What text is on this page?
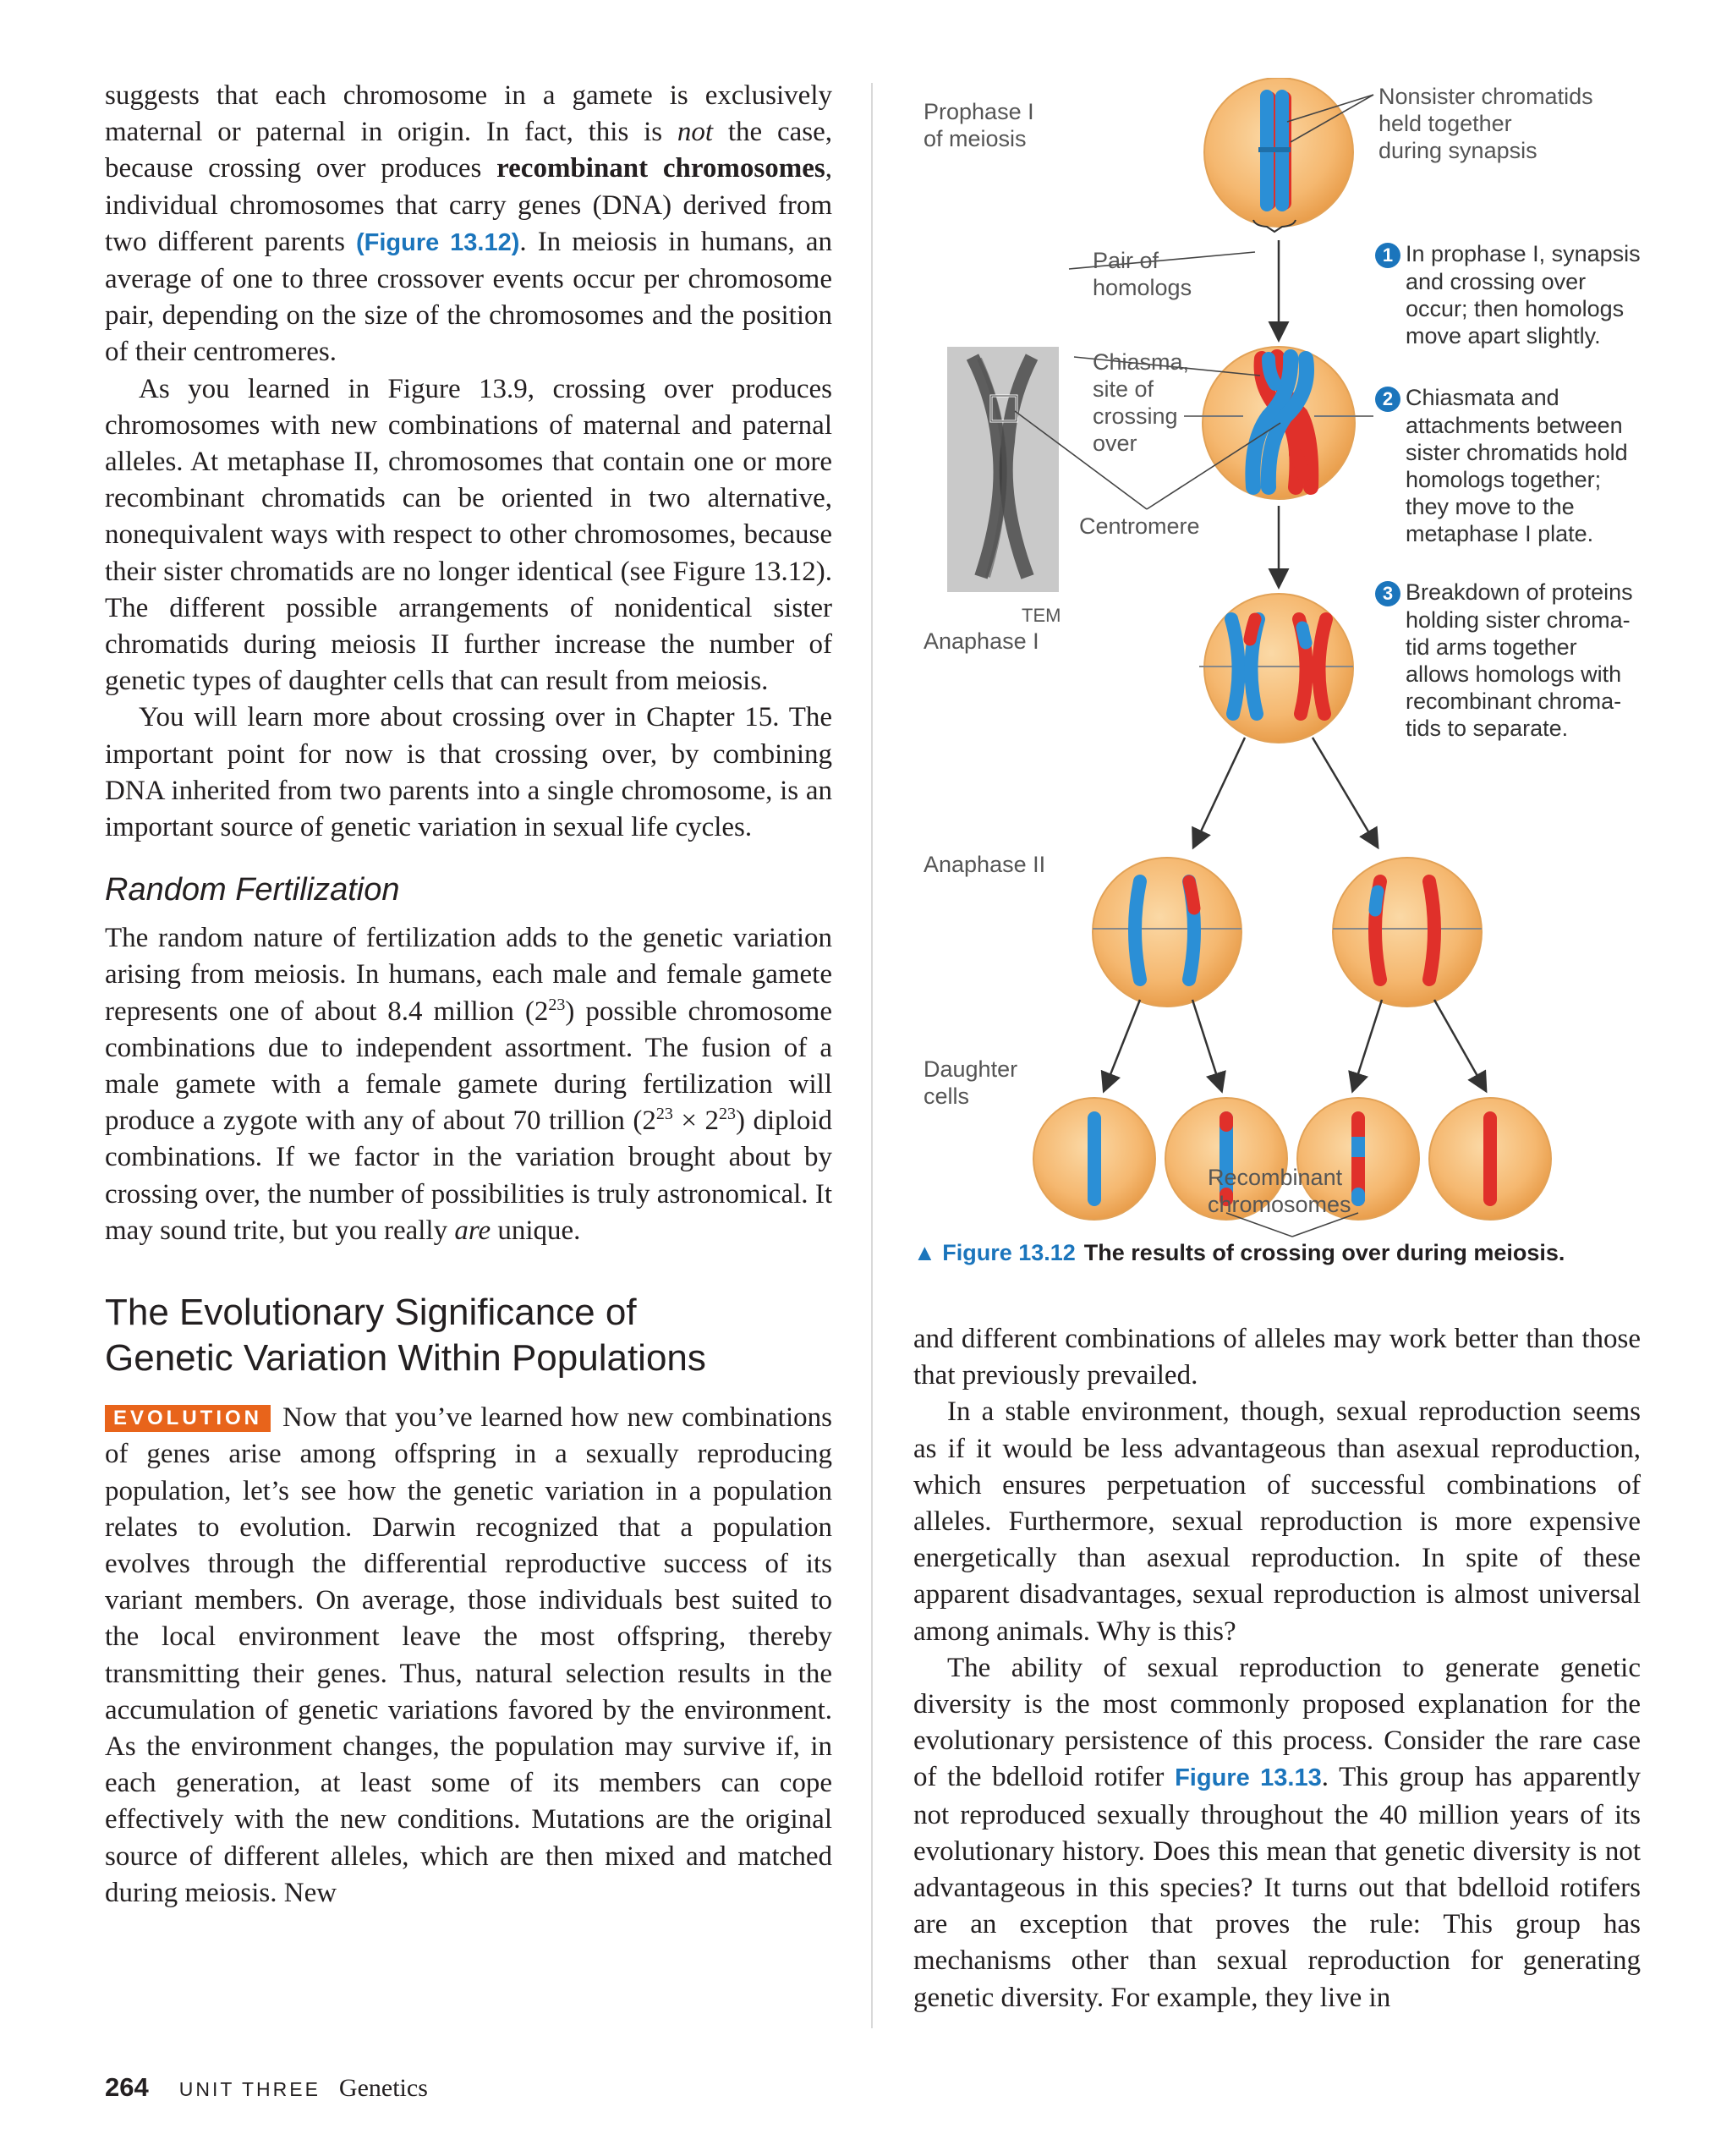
suggests that each chromosome in a gamete is exclusively maternal or paternal in origin. In fact, this is not the case, because crossing over produces recombinant chromosomes, individual chromosomes that carry genes (DNA) derived from two different parents (Figure 13.12). In meiosis in humans, an average of one to three crossover events occur per chromosome pair, depending on the size of the chromosomes and the position of their centromeres.

As you learned in Figure 13.9, crossing over produces chromosomes with new combinations of maternal and paternal alleles. At metaphase II, chromosomes that contain one or more recombinant chromatids can be oriented in two alternative, nonequivalent ways with respect to other chromosomes, because their sister chromatids are no longer identical (see Figure 13.12). The different possible arrangements of nonidentical sister chromatids during meiosis II further increase the number of genetic types of daughter cells that can result from meiosis.

You will learn more about crossing over in Chapter 15. The important point for now is that crossing over, by combining DNA inherited from two parents into a single chromosome, is an important source of genetic variation in sexual life cycles.

Random Fertilization

The random nature of fertilization adds to the genetic variation arising from meiosis. In humans, each male and female gamete represents one of about 8.4 million $(2^{23})$ possible chromosome combinations due to independent assortment. The fusion of a male gamete with a female gamete during fertilization will produce a zygote with any of about 70 trillion $(2^{23} \times 2^{23})$ diploid combinations. If we factor in the variation brought about by crossing over, the number of possibilities is truly astronomical. It may sound trite, but you really are unique.

The Evolutionary Significance of
Genetic Variation Within Populations

EVOLUTION Now that you’ve learned how new combinations of genes arise among offspring in a sexually reproducing population, let’s see how the genetic variation in a population relates to evolution. Darwin recognized that a population evolves through the differential reproductive success of its variant members. On average, those individuals best suited to the local environment leave the most offspring, thereby transmitting their genes. Thus, natural selection results in the accumulation of genetic variations favored by the environment. As the environment changes, the population may survive if, in each generation, at least some of its members can cope effectively with the new conditions. Mutations are the original source of different alleles, which are then mixed and matched during meiosis. New

Prophase I
of meiosis
Nonsister chromatids
held together
during synapsis
Pair of
homologs
Chiasma,
site of
crossing
over
Centromere
TEM
Anaphase I
Anaphase II
Daughter
cells
Recombinant
chromosomes
1 In prophase I, synapsis
and crossing over
occur; then homologs
move apart slightly.
2 Chiasmata and
attachments between
sister chromatids hold
homologs together;
they move to the
metaphase I plate.
3 Breakdown of proteins
holding sister chroma-
tid arms together
allows homologs with
recombinant chroma-
tids to separate.
▲ Figure 13.12 The results of crossing over during meiosis.

and different combinations of alleles may work better than those that previously prevailed.

In a stable environment, though, sexual reproduction seems as if it would be less advantageous than asexual reproduction, which ensures perpetuation of successful combinations of alleles. Furthermore, sexual reproduction is more expensive energetically than asexual reproduction. In spite of these apparent disadvantages, sexual reproduction is almost universal among animals. Why is this?

The ability of sexual reproduction to generate genetic diversity is the most commonly proposed explanation for the evolutionary persistence of this process. Consider the rare case of the bdelloid rotifer Figure 13.13. This group has apparently not reproduced sexually throughout the 40 million years of its evolutionary history. Does this mean that genetic diversity is not advantageous in this species? It turns out that bdelloid rotifers are an exception that proves the rule: This group has mechanisms other than sexual reproduction for generating genetic diversity. For example, they live in

264 UNIT THREE Genetics
